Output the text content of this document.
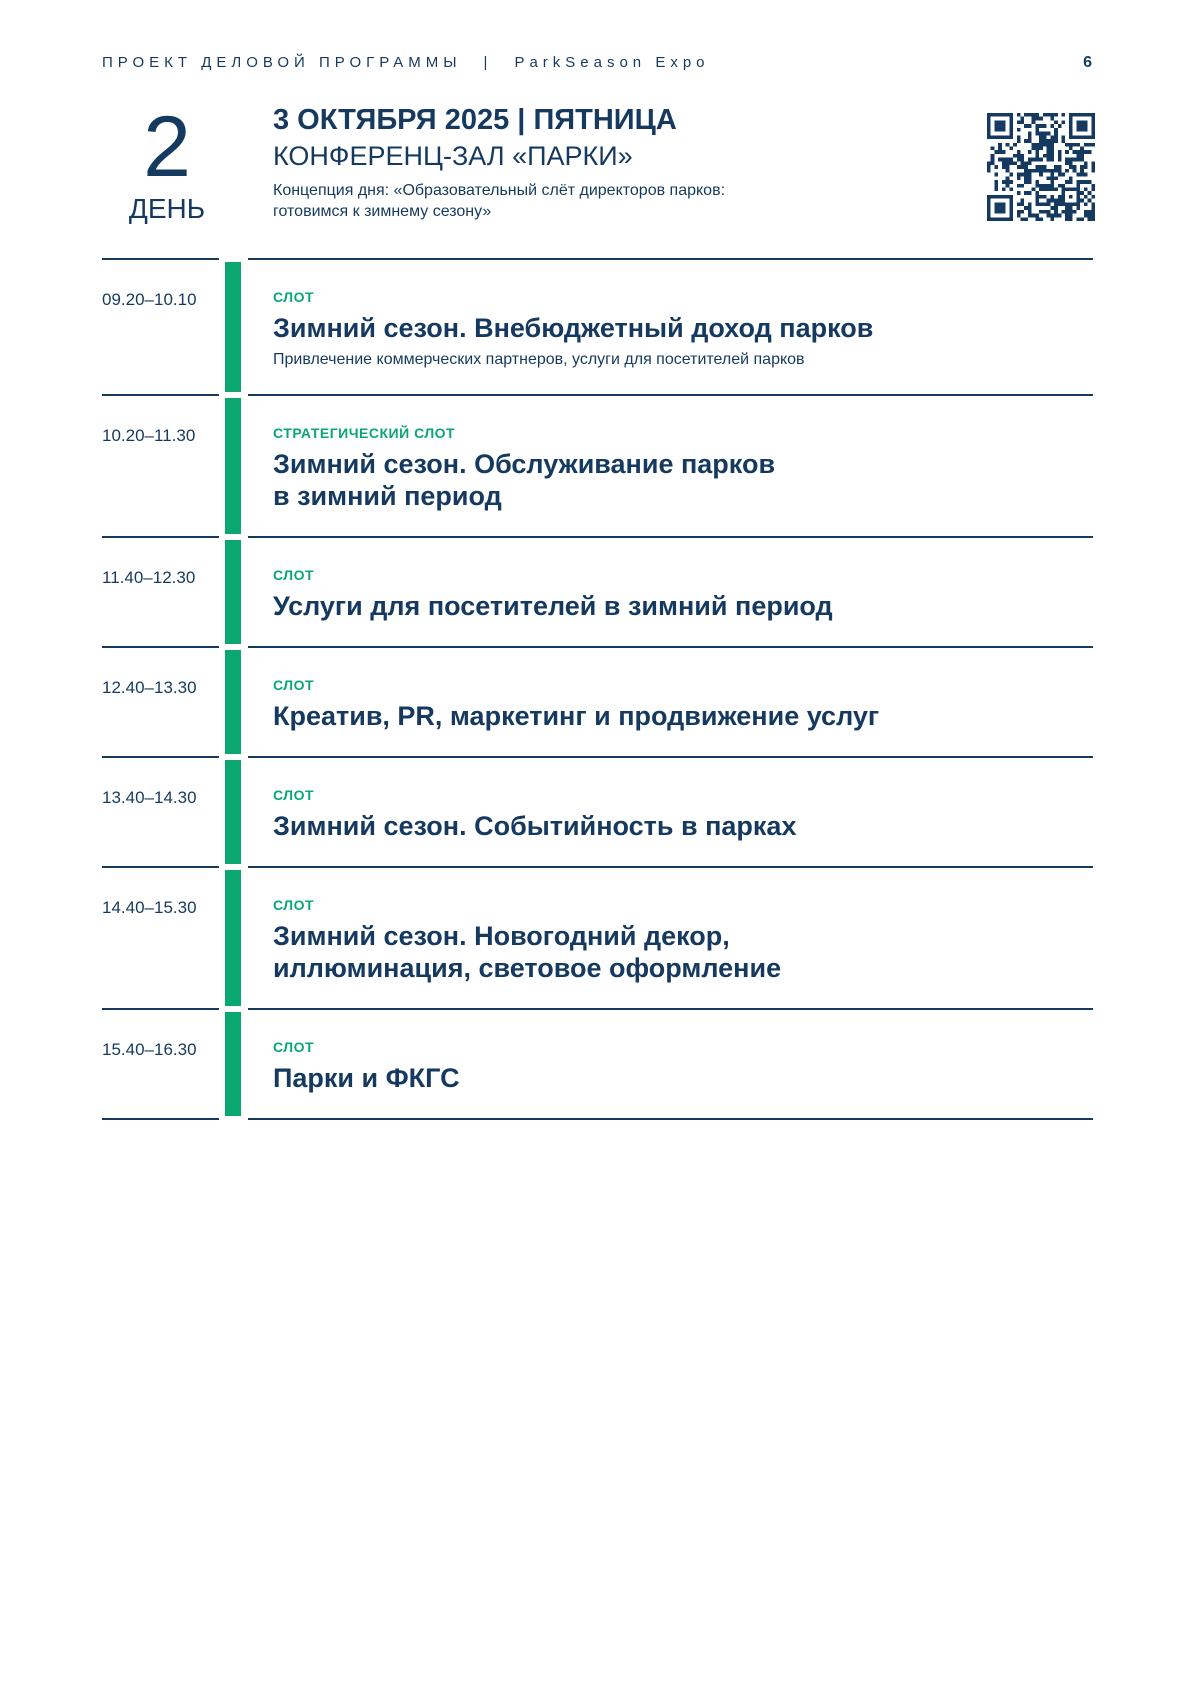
ПРОЕКТ ДЕЛОВОЙ ПРОГРАММЫ | ParkSeason Expo	6
2
ДЕНЬ
3 ОКТЯБРЯ 2025 | ПЯТНИЦА
КОНФЕРЕНЦ-ЗАЛ «ПАРКИ»
Концепция дня: «Образовательный слёт директоров парков:
готовимся к зимнему сезону»
09.20–10.10	СЛОТ
Зимний сезон. Внебюджетный доход парков
Привлечение коммерческих партнеров, услуги для посетителей парков
10.20–11.30	СТРАТЕГИЧЕСКИЙ СЛОТ
Зимний сезон. Обслуживание парков
в зимний период
11.40–12.30	СЛОТ
Услуги для посетителей в зимний период
12.40–13.30	СЛОТ
Креатив, PR, маркетинг и продвижение услуг
13.40–14.30	СЛОТ
Зимний сезон. Событийность в парках
14.40–15.30	СЛОТ
Зимний сезон. Новогодний декор,
иллюминация, световое оформление
15.40–16.30	СЛОТ
Парки и ФКГС
